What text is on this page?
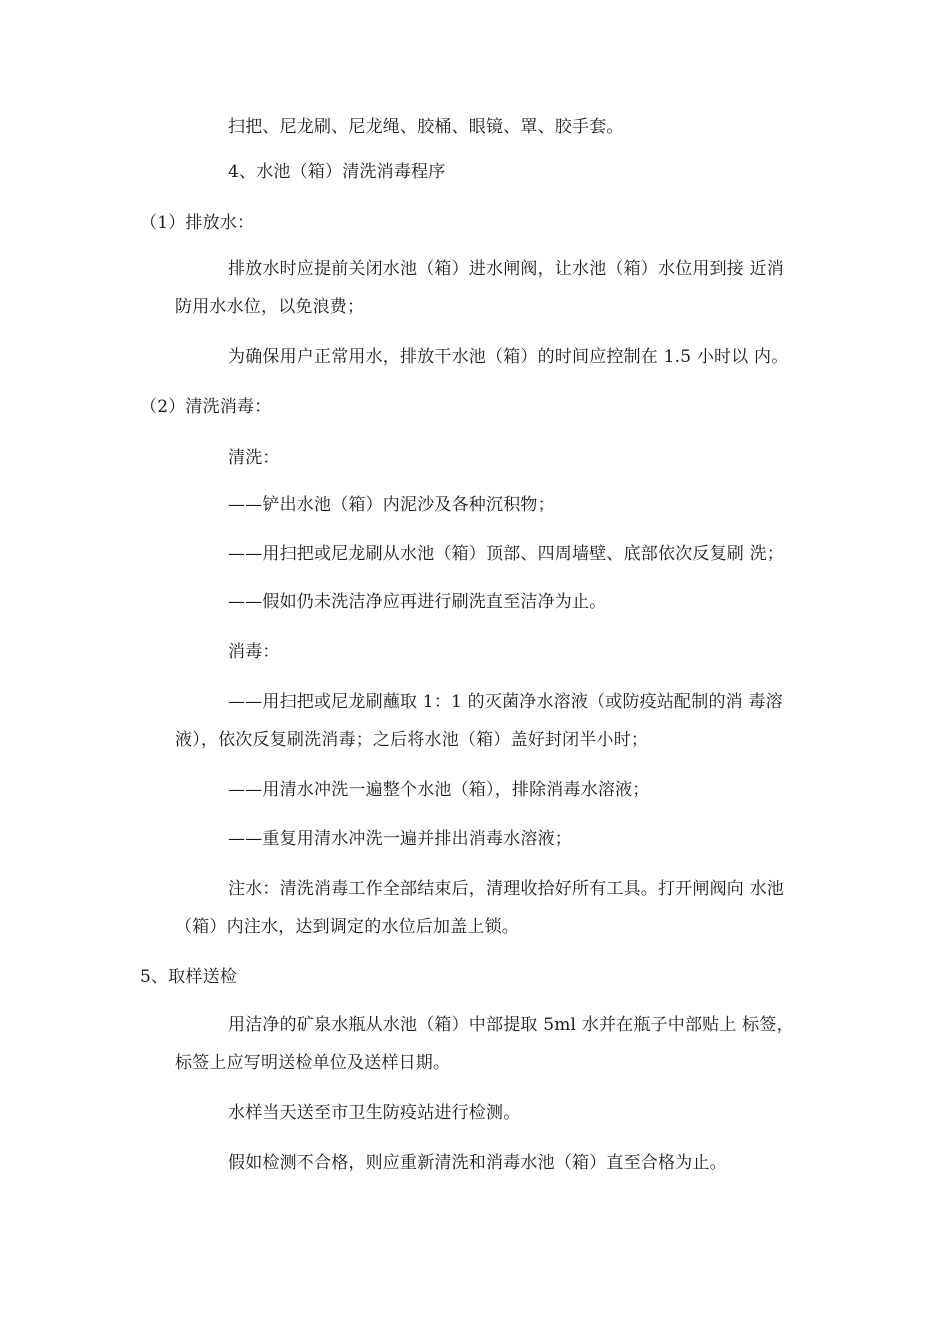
扫把、尼龙刷、尼龙绳、胶桶、眼镜、罩、胶手套。
4、水池（箱）清洗消毒程序
（1）排放水：
排放水时应提前关闭水池（箱）进水闸阀，让水池（箱）水位用到接 近消
防用水水位，以免浪费；
为确保用户正常用水，排放干水池（箱）的时间应控制在 1.5 小时以 内。
（2）清洗消毒：
清洗：
——铲出水池（箱）内泥沙及各种沉积物；
——用扫把或尼龙刷从水池（箱）顶部、四周墙壁、底部依次反复刷 洗；
——假如仍未洗洁净应再进行刷洗直至洁净为止。
消毒：
——用扫把或尼龙刷蘸取 1：1 的灭菌净水溶液（或防疫站配制的消 毒溶
液），依次反复刷洗消毒；之后将水池（箱）盖好封闭半小时；
——用清水冲洗一遍整个水池（箱），排除消毒水溶液；
——重复用清水冲洗一遍并排出消毒水溶液；
注水：清洗消毒工作全部结束后，清理收拾好所有工具。打开闸阀向 水池
（箱）内注水，达到调定的水位后加盖上锁。
5、取样送检
用洁净的矿泉水瓶从水池（箱）中部提取 5ml 水并在瓶子中部贴上 标签，
标签上应写明送检单位及送样日期。
水样当天送至市卫生防疫站进行检测。
假如检测不合格，则应重新清洗和消毒水池（箱）直至合格为止。
